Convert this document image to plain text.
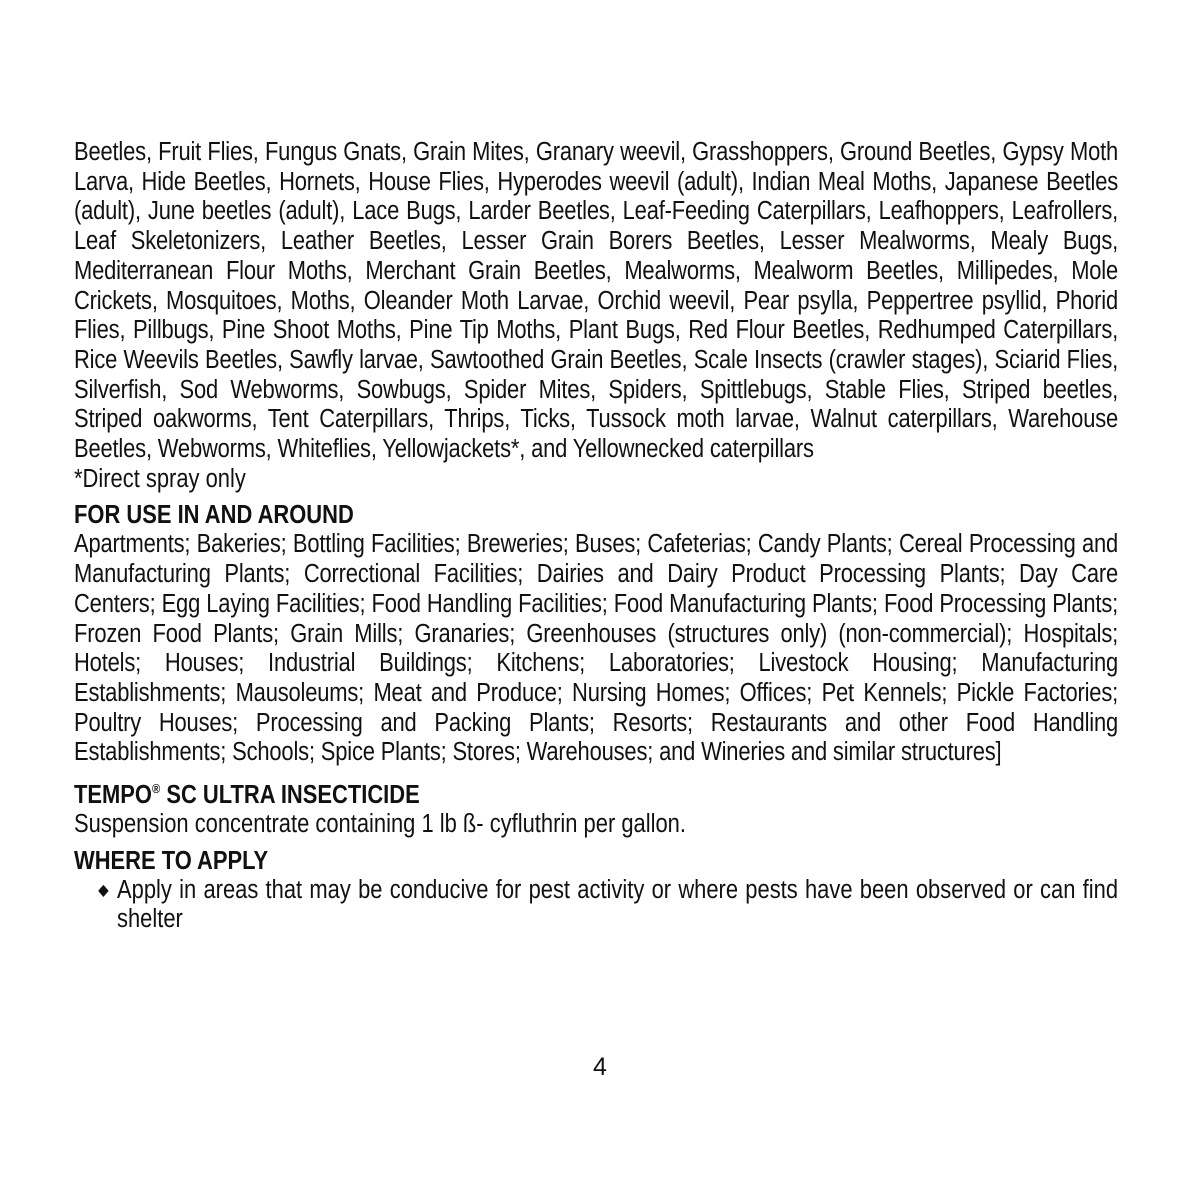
Beetles, Fruit Flies, Fungus Gnats, Grain Mites, Granary weevil, Grasshoppers, Ground Beetles, Gypsy Moth Larva, Hide Beetles, Hornets, House Flies, Hyperodes weevil (adult), Indian Meal Moths, Japanese Beetles (adult), June beetles (adult), Lace Bugs, Larder Beetles, Leaf-Feeding Caterpillars, Leafhoppers, Leafrollers, Leaf Skeletonizers, Leather Beetles, Lesser Grain Borers Beetles, Lesser Mealworms, Mealy Bugs, Mediterranean Flour Moths, Merchant Grain Beetles, Mealworms, Mealworm Beetles, Millipedes, Mole Crickets, Mosquitoes, Moths, Oleander Moth Larvae, Orchid weevil, Pear psylla, Peppertree psyllid, Phorid Flies, Pillbugs, Pine Shoot Moths, Pine Tip Moths, Plant Bugs, Red Flour Beetles, Redhumped Caterpillars, Rice Weevils Beetles, Sawfly larvae, Sawtoothed Grain Beetles, Scale Insects (crawler stages), Sciarid Flies, Silverfish, Sod Webworms, Sowbugs, Spider Mites, Spiders, Spittlebugs, Stable Flies, Striped beetles, Striped oakworms, Tent Caterpillars, Thrips, Ticks, Tussock moth larvae, Walnut caterpillars, Warehouse Beetles, Webworms, Whiteflies, Yellowjackets*, and Yellownecked caterpillars

*Direct spray only

FOR USE IN AND AROUND

Apartments; Bakeries; Bottling Facilities; Breweries; Buses; Cafeterias; Candy Plants; Cereal Processing and Manufacturing Plants; Correctional Facilities; Dairies and Dairy Product Processing Plants; Day Care Centers; Egg Laying Facilities; Food Handling Facilities; Food Manufacturing Plants; Food Processing Plants; Frozen Food Plants; Grain Mills; Granaries; Greenhouses (structures only) (non-commercial); Hospitals; Hotels; Houses; Industrial Buildings; Kitchens; Laboratories; Livestock Housing; Manufacturing Establishments; Mausoleums; Meat and Produce; Nursing Homes; Offices; Pet Kennels; Pickle Factories; Poultry Houses; Processing and Packing Plants; Resorts; Restaurants and other Food Handling Establishments; Schools; Spice Plants; Stores; Warehouses; and Wineries and similar structures]

TEMPO® SC ULTRA INSECTICIDE

Suspension concentrate containing 1 lb ß- cyfluthrin per gallon.

WHERE TO APPLY
◆ Apply in areas that may be conducive for pest activity or where pests have been observed or can find shelter
4
